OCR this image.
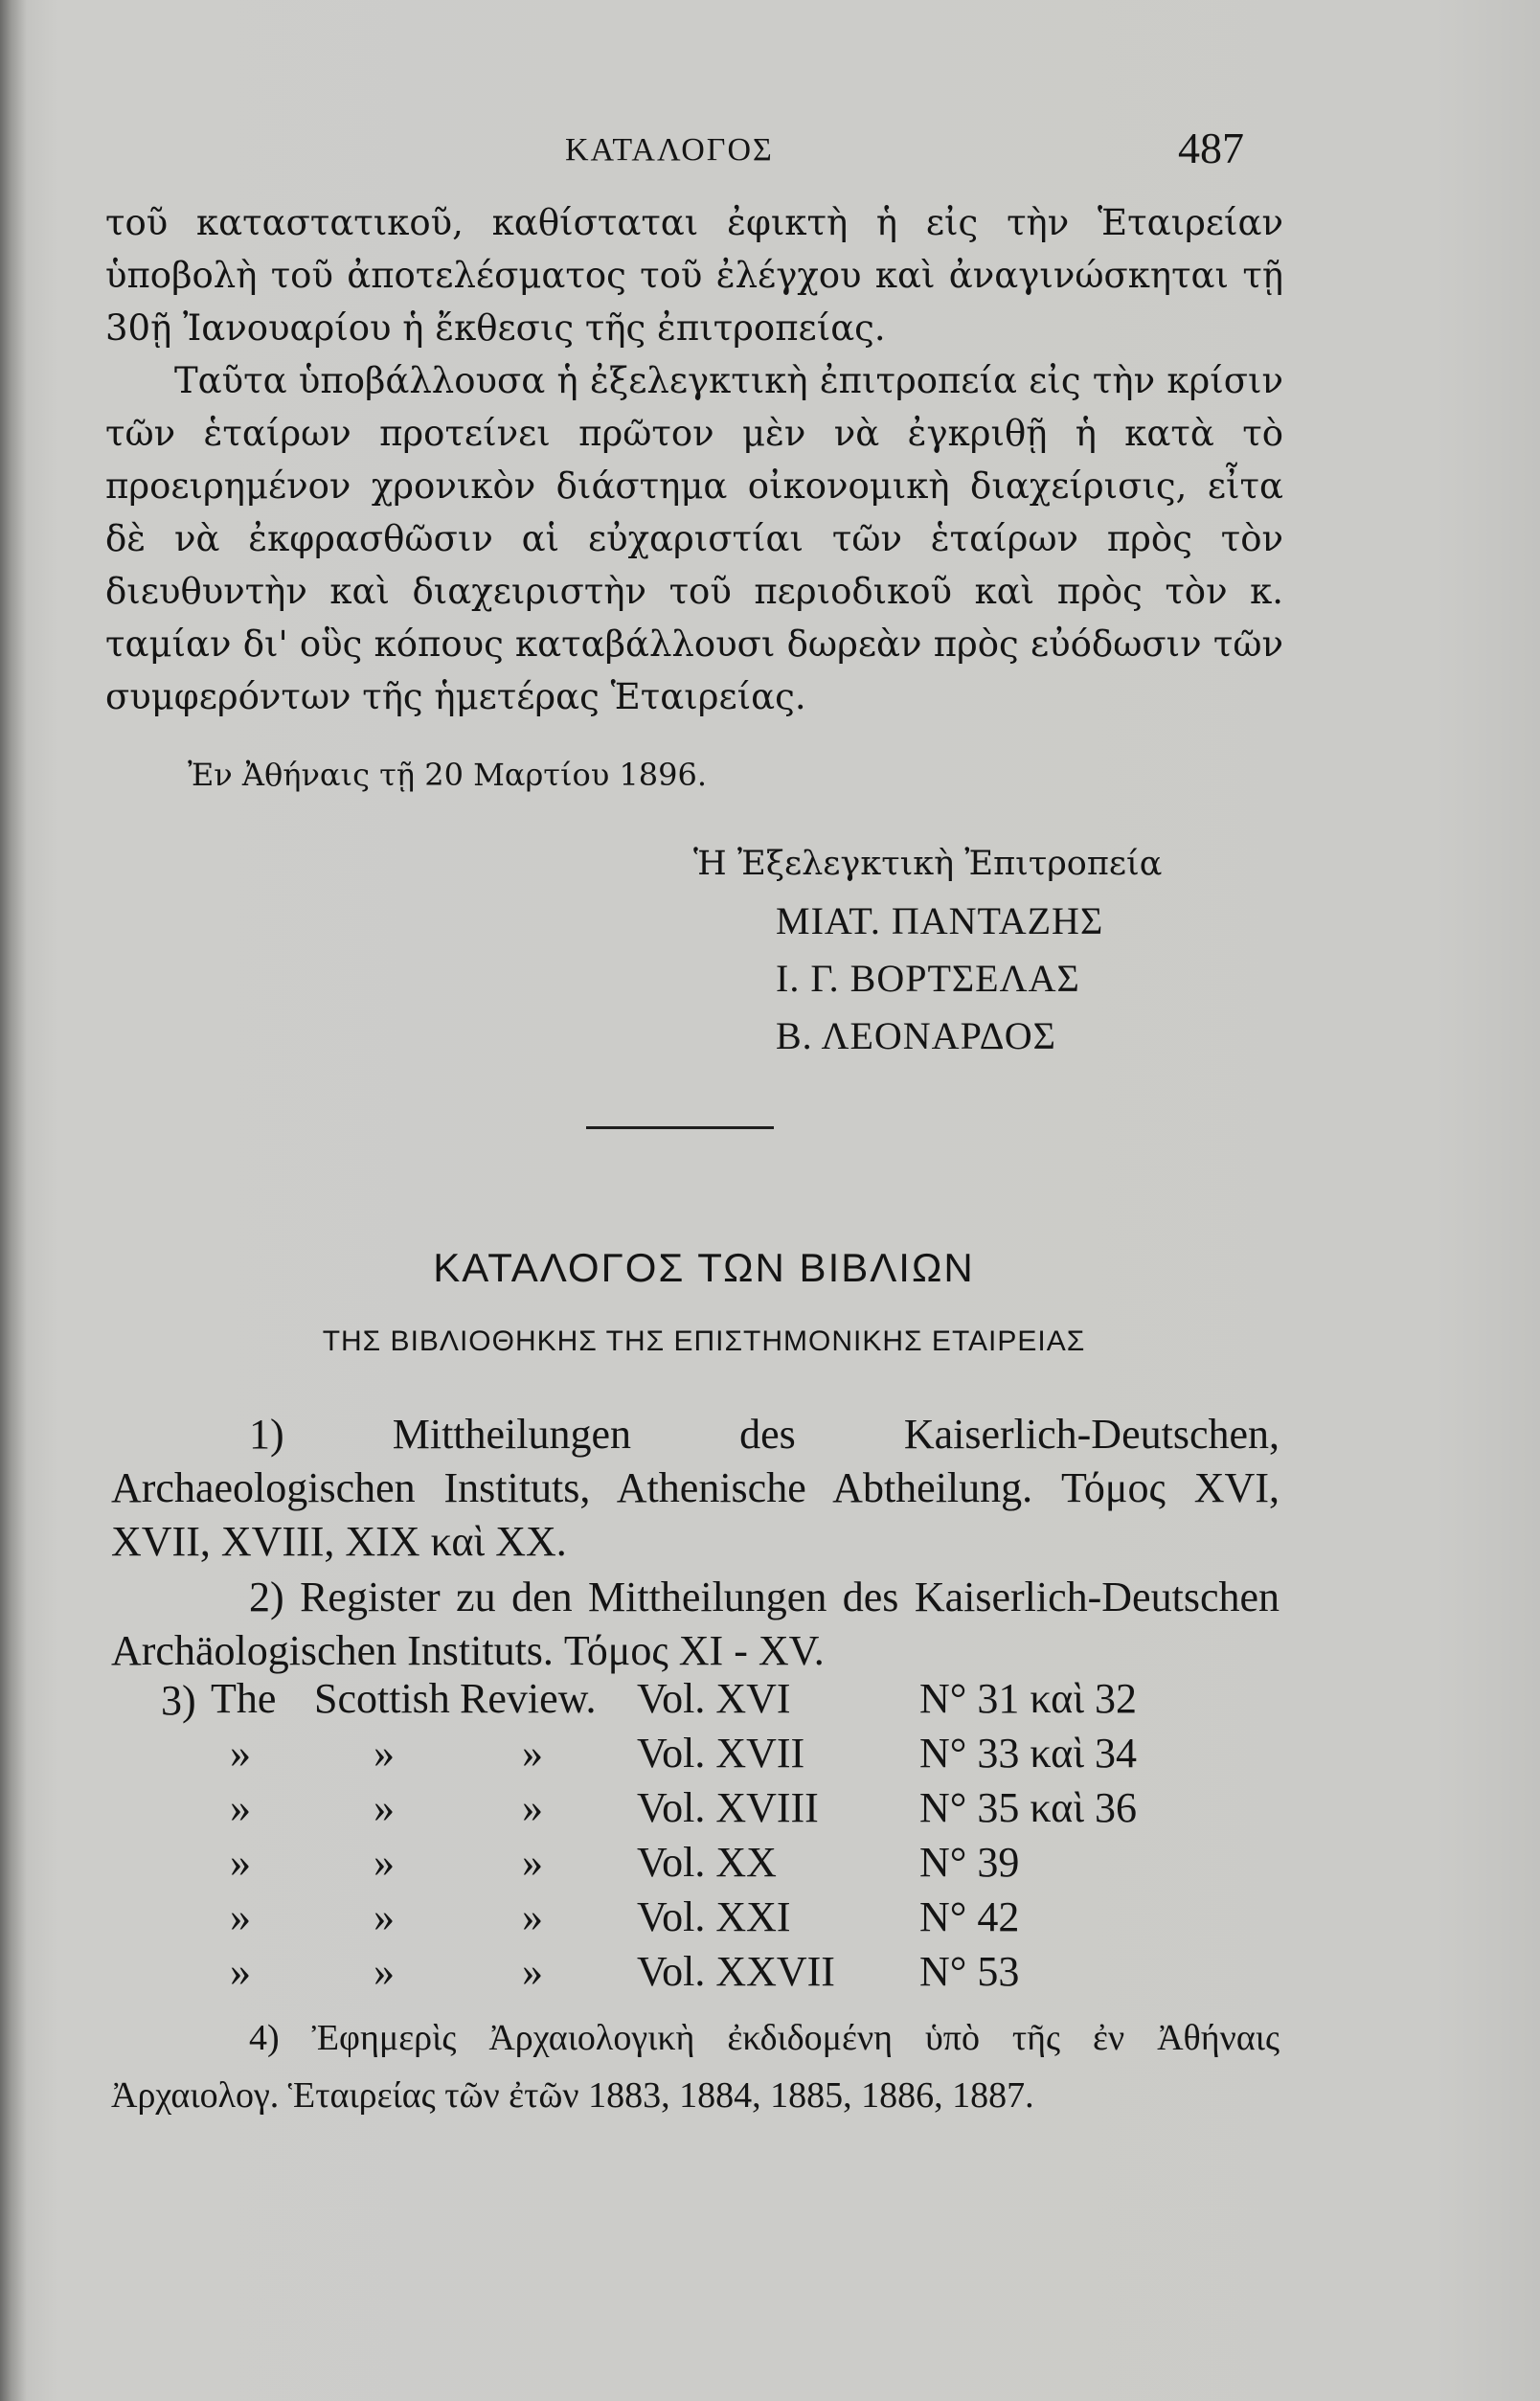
ΚΑΤΑΛΟΓΟΣ	487

τοῦ καταστατικοῦ, καθίσταται ἐφικτὴ ἡ εἰς τὴν Ἑταιρείαν ὑποβολὴ τοῦ ἀποτελέσματος τοῦ ἐλέγχου καὶ ἀναγινώσκηται τῇ 30ῇ Ἰανουαρίου ἡ ἔκθεσις τῆς ἐπιτροπείας.

Ταῦτα ὑποβάλλουσα ἡ ἐξελεγκτικὴ ἐπιτροπεία εἰς τὴν κρίσιν τῶν ἑταίρων προτείνει πρῶτον μὲν νὰ ἐγκριθῇ ἡ κατὰ τὸ προειρημένον χρονικὸν διάστημα οἰκονομικὴ διαχείρισις, εἶτα δὲ νὰ ἐκφρασθῶσιν αἱ εὐχαριστίαι τῶν ἑταίρων πρὸς τὸν διευθυντὴν καὶ διαχειριστὴν τοῦ περιοδικοῦ καὶ πρὸς τὸν κ. ταμίαν δι' οὓς κόπους καταβάλλουσι δωρεὰν πρὸς εὐόδωσιν τῶν συμφερόντων τῆς ἡμετέρας Ἑταιρείας.

Ἐν Ἀθήναις τῇ 20 Μαρτίου 1896.
Ἡ Ἐξελεγκτικὴ Ἐπιτροπεία
ΜΙΑΤ. ΠΑΝΤΑΖΗΣ
Ι. Γ. ΒΟΡΤΣΕΛΑΣ
Β. ΛΕΟΝΑΡΔΟΣ
ΚΑΤΑΛΟΓΟΣ ΤΩΝ ΒΙΒΛΙΩΝ
ΤΗΣ ΒΙΒΛΙΟΘΗΚΗΣ ΤΗΣ ΕΠΙΣΤΗΜΟΝΙΚΗΣ ΕΤΑΙΡΕΙΑΣ

1)	Mittheilungen des Kaiserlich-Deutschen, Archaeologischen Instituts, Athenische Abtheilung. Τόμος XVI, XVII, XVIII, XIX καὶ XX.

2) Register zu den Mittheilungen des Kaiserlich-Deutschen Archäologischen Instituts. Τόμος XI - XV.

3) The Scottish Review. Vol. XVI	N° 31 καὶ 32
»	»	» Vol. XVII	N° 33 καὶ 34
»	»	» Vol. XVIII N° 35 καὶ 36
»	»	» Vol. XX	N° 39
»	»	» Vol. XXI	N° 42
»	»	» Vol. XXVII N° 53

4) Ἐφημερὶς Ἀρχαιολογικὴ ἐκδιδομένη ὑπὸ τῆς ἐν Ἀθήναις Ἀρχαιολογ. Ἑταιρείας τῶν ἐτῶν 1883, 1884, 1885, 1886, 1887.
